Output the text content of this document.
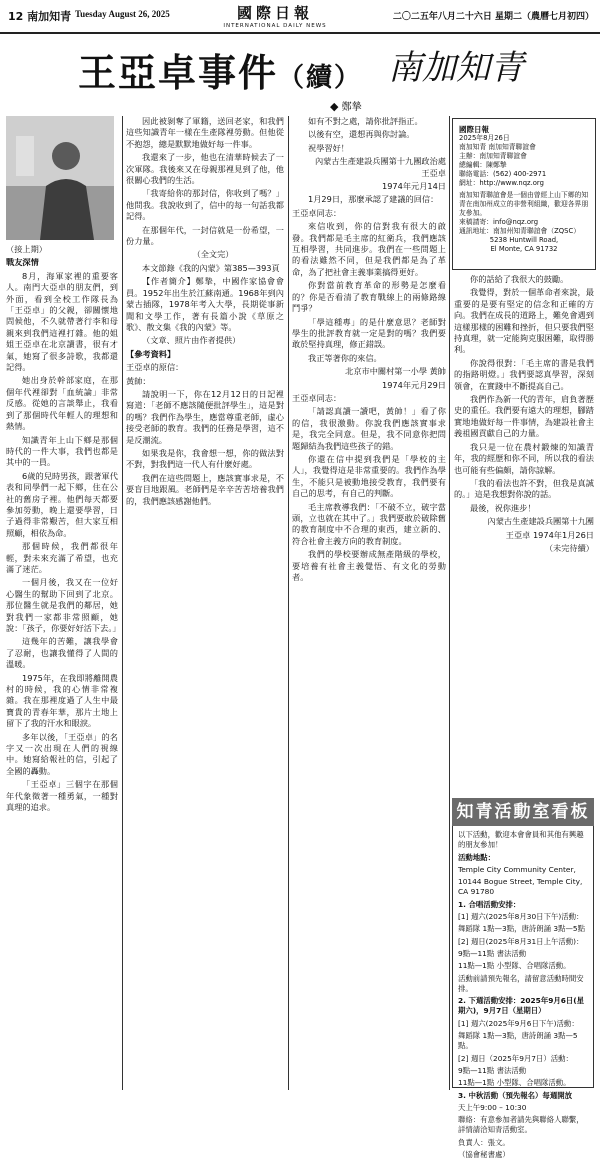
12 南加知青 Tuesday August 26, 2025	國際日報
INTERNATIONAL DAILY NEWS
二〇二五年八月二十六日 星期二（農曆七月初四）
王亞卓事件（續） 南加知青
◆ 鄭摯

（接上期）

戰友深情

8月，海軍家裡的重要客人。南門大亞卓的朋友們，到外面，看到全校工作隊長為「王亞卓」的父親，卻關懷地問候他，不久就帶著行李和母親來到我們這裡打雜。他的姐姐王亞卓在北京讀書，很有才氣，她寫了很多詩歌，我都還記得。

她出身於幹部家庭，在那個年代裡卻對「血統論」非常反感。從她的言談舉止，我看到了那個時代年輕人的理想和熱情。

知識青年上山下鄉是那個時代的一件大事，我們也都是其中的一員。

6歲的兒時男孩，跟著軍代表和同學們一起下鄉，住在公社的舊房子裡。他們每天都要參加勞動，晚上還要學習，日子過得非常艱苦，但大家互相照顧，相依為命。

那個時候，我們都很年輕，對未來充滿了希望，也充滿了迷茫。

一個月後，我又在一位好心醫生的幫助下回到了北京。那位醫生就是我們的鄰居，她對我們一家都非常照顧，她說：「孩子，你要好好活下去。」

這幾年的苦難，讓我學會了忍耐，也讓我懂得了人間的溫暖。

1975年，在我即將離開農村的時候，我的心情非常複雜。我在那裡度過了人生中最寶貴的青春年華，那片土地上留下了我的汗水和眼淚。

多年以後，「王亞卓」的名字又一次出現在人們的視線中。她寫給報社的信，引起了全國的轟動。

「王亞卓」三個字在那個年代象徵著一種勇氣，一種對真理的追求。

因此被剝奪了軍籍，送回老家，和我們這些知識青年一樣在生產隊裡勞動。但他從不抱怨，總是默默地做好每一件事。

我還來了一步，他也在清華時候去了一次軍隊。我後來又在母親那裡見到了他，他很關心我們的生活。

「我寄給你的那封信，你收到了嗎？」他問我。我說收到了，信中的每一句話我都記得。

在那個年代，一封信就是一份希望，一份力量。

（全文完）

本文節錄《我的內蒙》第385—393頁

【作者簡介】鄭摯，中國作家協會會員。1952年出生於江蘇南通。1968年到內蒙古插隊，1978年考入大學，長期從事新聞和文學工作，著有長篇小說《草原之歌》、散文集《我的內蒙》等。

（文章、照片由作者提供）

【參考資料】

王亞卓的原信：

黃帥：

請說明一下，你在12月12日的日記裡寫道：「老師不應該隨便批評學生」，這是對的嗎？我們作為學生，應當尊重老師，虛心接受老師的教育。我們的任務是學習，這不是反潮流。

如果我是你，我會想一想，你的做法對不對，對我們這一代人有什麼好處。

我們在這些問題上，應該實事求是，不要盲目地跟風。老師們是辛辛苦苦培養我們的，我們應該感謝他們。

如有不對之處，請你批評指正。

以後有空，還想再與你討論。

祝學習好！

內蒙古生產建設兵團第十九團政治處 王亞卓

1974年元月14日

1月29日，那麼承認了建議的回信：

王亞卓同志：

來信收到，你的信對我有很大的啟發。我們都是毛主席的紅衛兵，我們應該互相學習，共同進步。我們在一些問題上的看法雖然不同，但是我們都是為了革命，為了把社會主義事業搞得更好。

你對當前教育革命的形勢是怎麼看的？你是否看清了教育戰線上的兩條路線鬥爭？

「學這種專」的是什麼意思？老師對學生的批評教育就一定是對的嗎？我們要敢於堅持真理，修正錯誤。

我正等著你的來信。

北京市中關村第一小學 黃帥

1974年元月29日

王亞卓同志：

「請認真讀一讀吧，黃帥！」看了你的信，我很激動。你說我們應該實事求是，我完全同意。但是，我不同意你把問題歸結為我們這些孩子的錯。

你還在信中提到我們是「學校的主人」，我覺得這是非常重要的。我們作為學生，不能只是被動地接受教育，我們要有自己的思考，有自己的判斷。

毛主席教導我們：「不破不立，破字當頭，立也就在其中了。」我們要敢於破除舊的教育制度中不合理的東西，建立新的、符合社會主義方向的教育制度。

我們的學校要辦成無產階級的學校，要培養有社會主義覺悟、有文化的勞動者。

國際日報
2025年8月26日
南加知青 南加知青聯誼會
主辦：南加知青聯誼會
總編輯：陳鄭摯
聯絡電話：(562) 400-2971
網址：http://www.nqz.org
南加知青聯誼會是一個由曾經上山下鄉的知青在南加州成立的非營利組織，歡迎各界朋友參加。
來稿請寄：info@nqz.org
通訊地址：南加州知青聯誼會（ZQSC）
5238 Huntwill Road,
El Monte, CA 91732

你的話給了我很大的鼓勵。

我覺得，對於一個革命者來說，最重要的是要有堅定的信念和正確的方向。我們在成長的道路上，難免會遇到這樣那樣的困難和挫折，但只要我們堅持真理，就一定能夠克服困難，取得勝利。

你說得很對：「毛主席的書是我們的指路明燈。」我們要認真學習，深刻領會，在實踐中不斷提高自己。

我們作為新一代的青年，肩負著歷史的重任。我們要有遠大的理想，腳踏實地地做好每一件事情，為建設社會主義祖國貢獻自己的力量。

我只是一位在農村鍛煉的知識青年，我的經歷和你不同，所以我的看法也可能有些偏頗，請你諒解。

「我的看法也許不對，但我是真誠的。」這是我想對你說的話。

最後，祝你進步！

內蒙古生產建設兵團第十九團

王亞卓 1974年1月26日

（未完待續）

知青活動室看板

以下活動，歡迎本會會員和其他有興趣的朋友參加！

活動地點：

Temple City Community Center,

10144 Bogue Street, Temple City, CA 91780

1. 合唱活動安排：

[1] 週六(2025年8月30日下午)活動：

舞蹈隊 1點—3點，唐詩朗誦 3點—5點

[2] 週日(2025年8月31日上午活動)：

9點—11點 書法活動

11點—1點 小型隊、合唱隊活動。

活動前請預先報名，請留意活動時間安排。

2. 下週活動安排：2025年9月6日(星期六)，9月7日（星期日）

[1] 週六(2025年9月6日下午)活動：

舞蹈隊 1點—3點，唐詩朗誦 3點—5點。

[2] 週日（2025年9月7日）活動：

9點—11點 書法活動

11點—1點 小型隊、合唱隊活動。

3. 中秋活動（預先報名）每週開放

天上午9:00 – 10:30

聯絡：有意參加者請先與聯絡人聯繫，詳情請洽知青活動室。

負責人：張文。

（協會秘書處）
